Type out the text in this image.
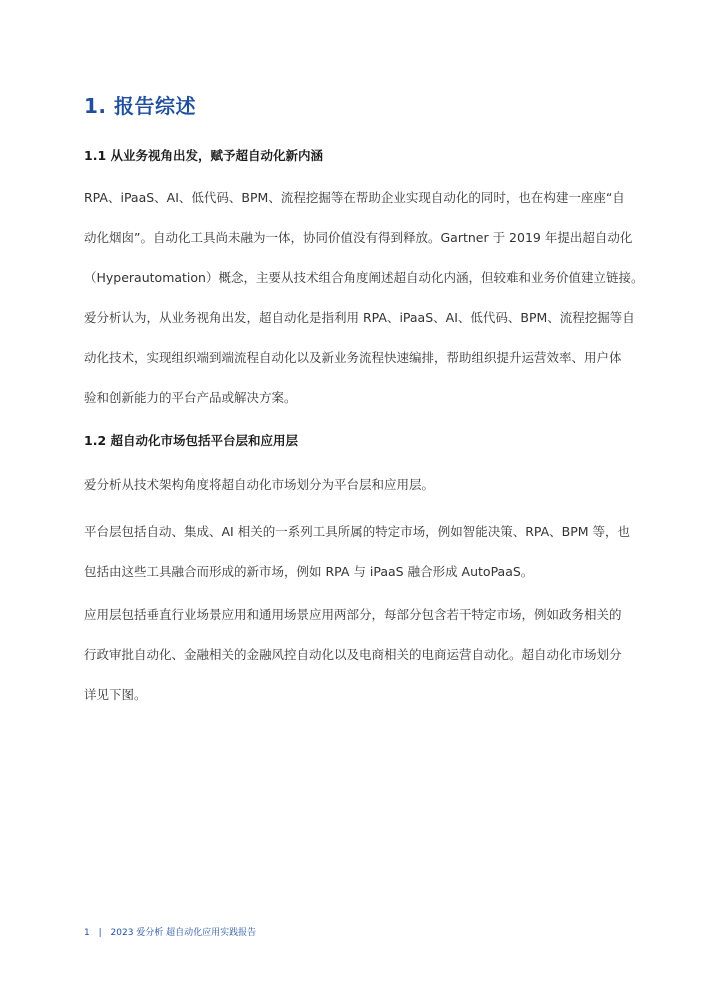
1. 报告综述
1.1 从业务视角出发，赋予超自动化新内涵
RPA、iPaaS、AI、低代码、BPM、流程挖掘等在帮助企业实现自动化的同时，也在构建一座座“自
动化烟囱”。自动化工具尚未融为一体，协同价值没有得到释放。Gartner 于 2019 年提出超自动化
（Hyperautomation）概念，主要从技术组合角度阐述超自动化内涵，但较难和业务价值建立链接。
爱分析认为，从业务视角出发，超自动化是指利用 RPA、iPaaS、AI、低代码、BPM、流程挖掘等自
动化技术，实现组织端到端流程自动化以及新业务流程快速编排，帮助组织提升运营效率、用户体
验和创新能力的平台产品或解决方案。
1.2 超自动化市场包括平台层和应用层
爱分析从技术架构角度将超自动化市场划分为平台层和应用层。
平台层包括自动、集成、AI 相关的一系列工具所属的特定市场，例如智能决策、RPA、BPM 等，也
包括由这些工具融合而形成的新市场，例如 RPA 与 iPaaS 融合形成 AutoPaaS。
应用层包括垂直行业场景应用和通用场景应用两部分，每部分包含若干特定市场，例如政务相关的
行政审批自动化、金融相关的金融风控自动化以及电商相关的电商运营自动化。超自动化市场划分
详见下图。
1 | 2023 爱分析 超自动化应用实践报告
